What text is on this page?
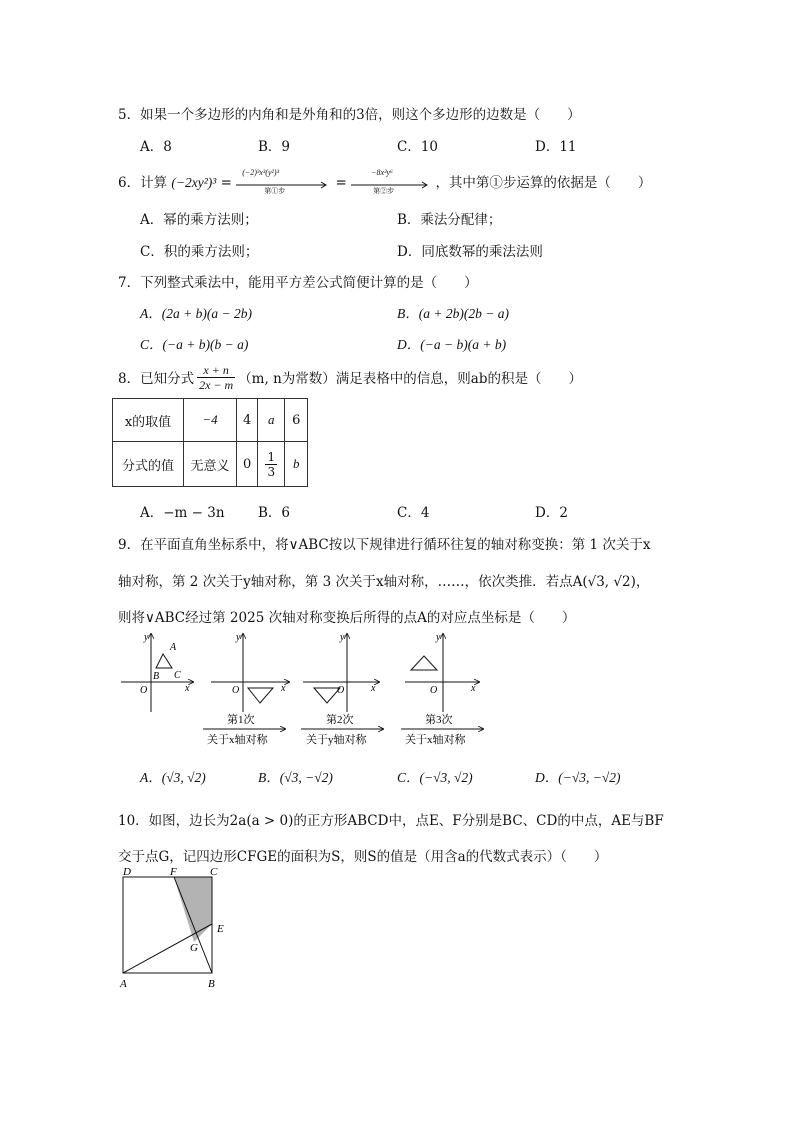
5．如果一个多边形的内角和是外角和的3倍，则这个多边形的边数是（　　）
A．8	B．9	C．10	D．11
6．计算 (−2xy²)³ =
(−2)³x³(y²)³
第①步	=
−8x³y⁶
第②步	，其中第①步运算的依据是（　　）
A．幂的乘方法则；	B．乘法分配律；
C．积的乘方法则；	D．同底数幂的乘法法则
7．下列整式乘法中，能用平方差公式简便计算的是（　　）
A．(2a + b)(a − 2b)	B．(a + 2b)(2b − a)
C．(−a + b)(b − a)	D．(−a − b)(a + b)
8．已知分式 $\frac{x + n}{2x - m} (m$, n为常数）满足表格中的信息，则ab的积是（　　）
x的取值	−4	4	a	6
分式的值	无意义	0	$\frac{1}{3}$	b
A．−m − 3n B．6	C．4	D．2
9．在平面直角坐标系中，将∨ABC按以下规律进行循环往复的轴对称变换：第 1 次关于x
轴对称，第 2 次关于y轴对称，第 3 次关于x轴对称，……，依次类推．若点A(√3, √2)，
则将∨ABC经过第 2025 次轴对称变换后所得的点A的对应点坐标是（　　）
y
x
O
A
B C
y
x
O
第1次
关于x轴对称
y
x
O
第2次
关于y轴对称
y
x
O
第3次
关于x轴对称
A．(√3, √2)	B．(√3, −√2)	C．(−√3, √2)	D．(−√3, −√2)
10．如图，边长为2a(a > 0)的正方形ABCD中，点E、F分别是BC、CD的中点，AE与BF
交于点G，记四边形CFGE的面积为S，则S的值是（用含a的代数式表示）（　　）
D	F	C
E
G
A	B
